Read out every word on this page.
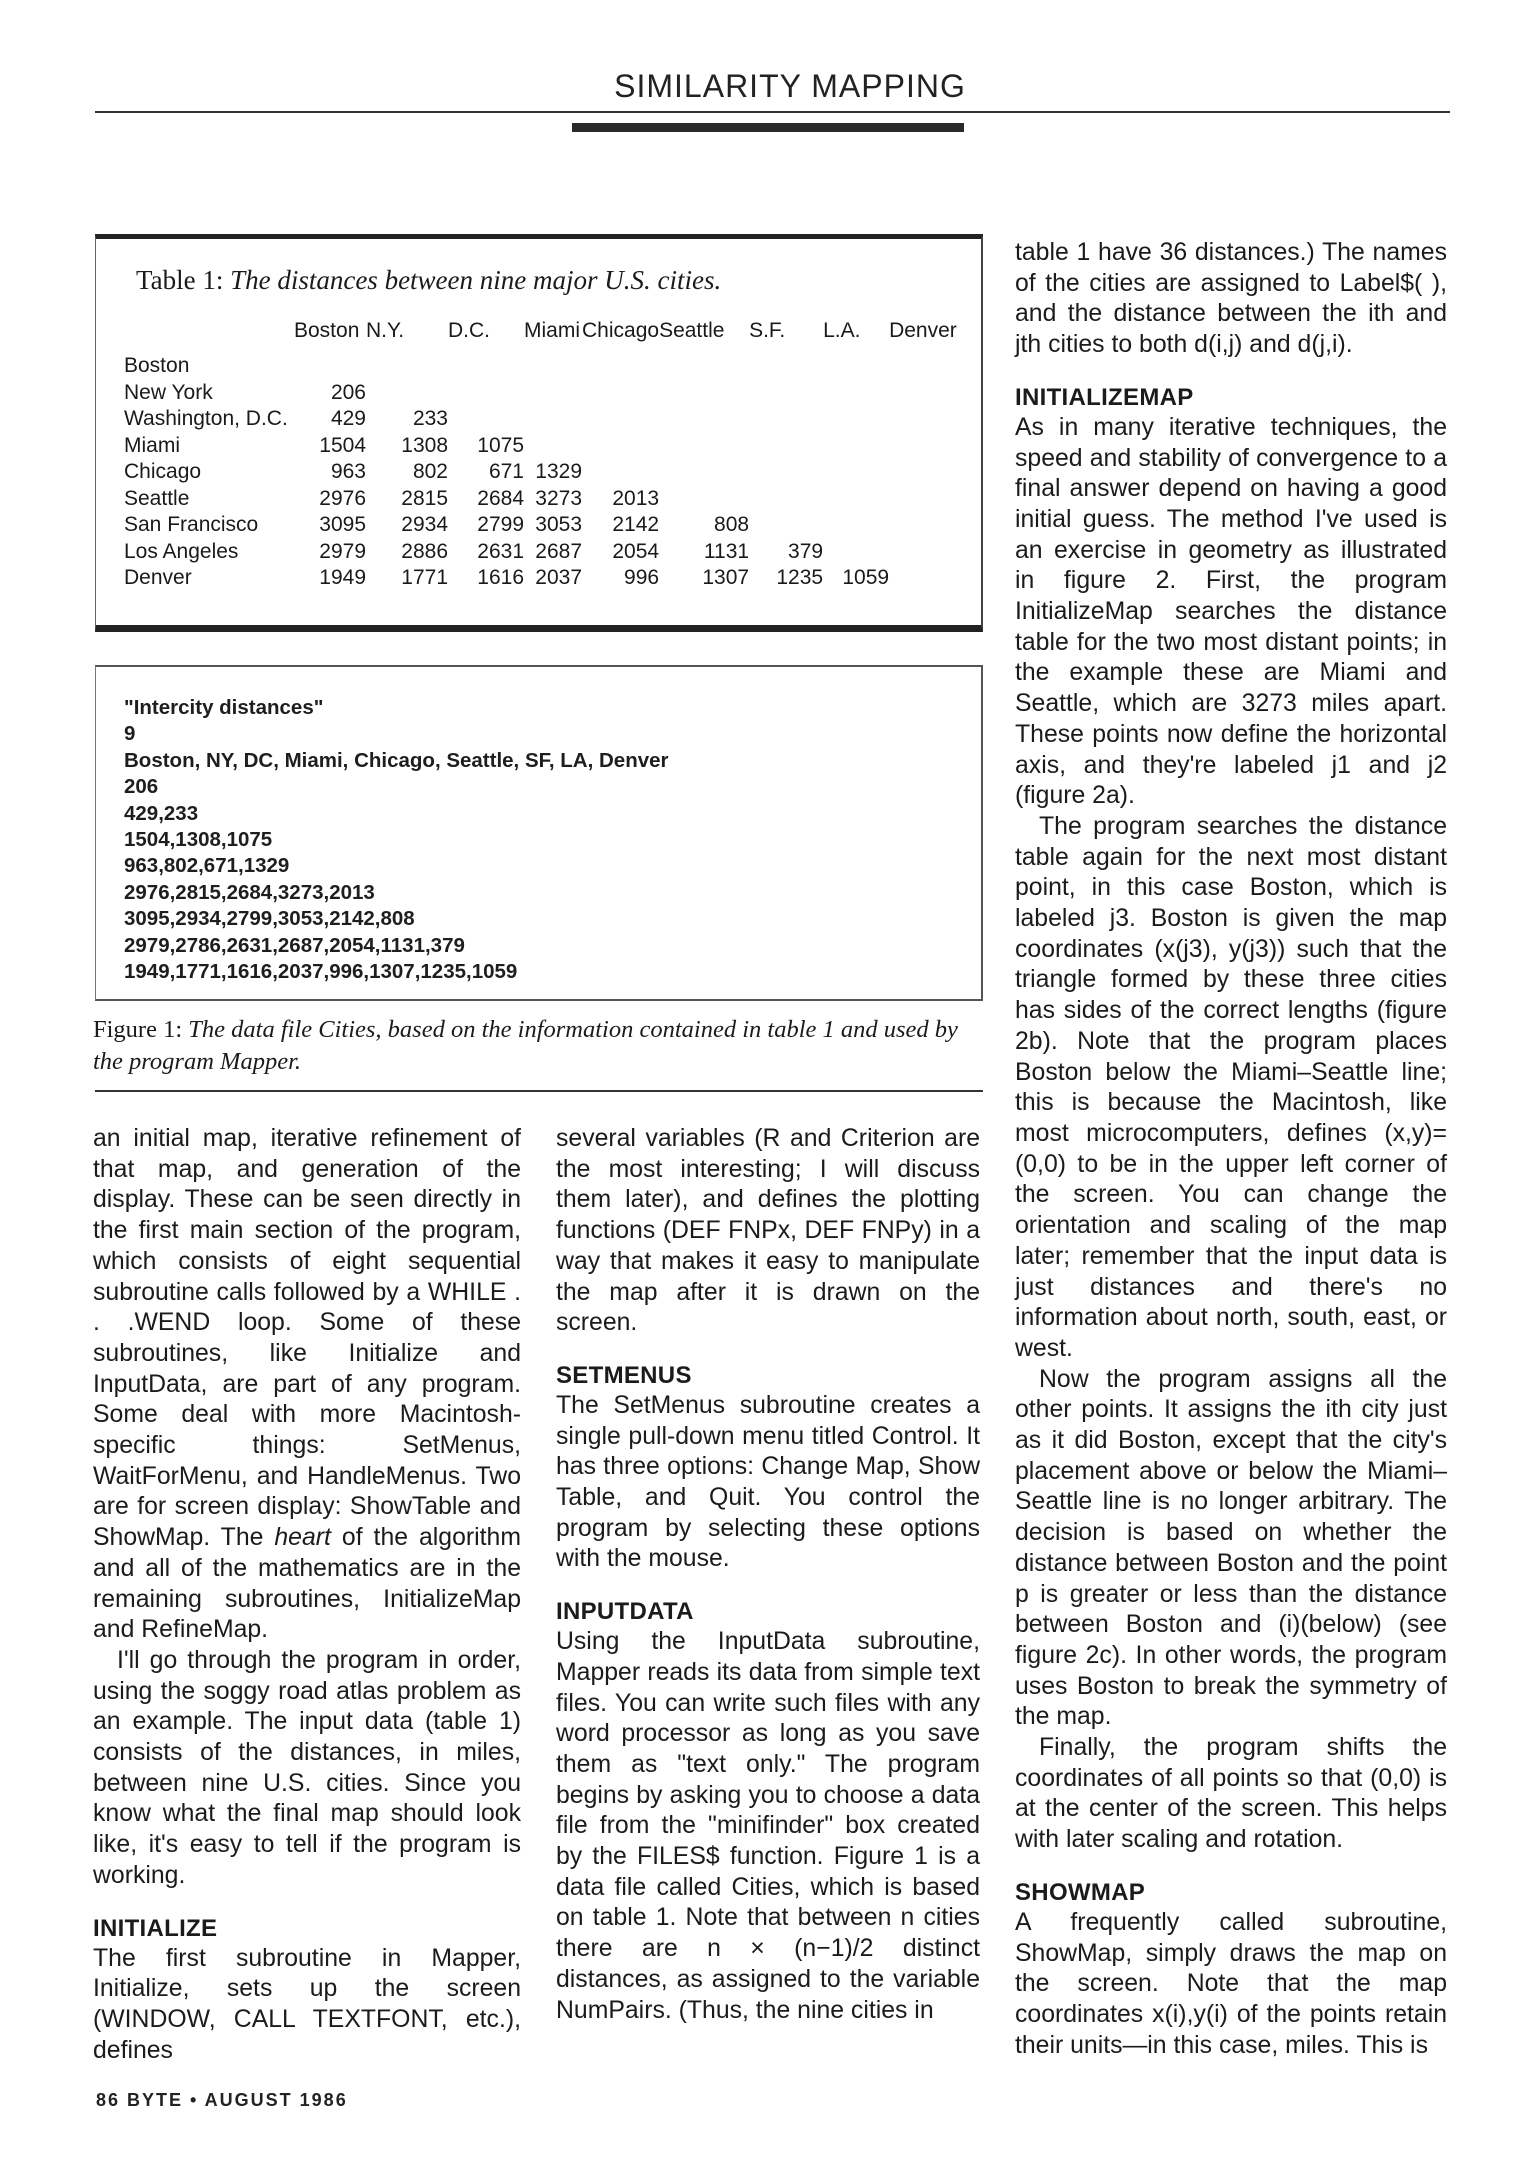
SIMILARITY MAPPING
Table 1: The distances between nine major U.S. cities.
	Boston	N.Y.	D.C.	Miami	Chicago	Seattle	S.F.	L.A.	Denver
Boston									
New York	206								
Washington, D.C.	429	233							
Miami	1504	1308	1075						
Chicago	963	802	671	1329					
Seattle	2976	2815	2684	3273	2013				
San Francisco	3095	2934	2799	3053	2142	808			
Los Angeles	2979	2886	2631	2687	2054	1131	379		
Denver	1949	1771	1616	2037	996	1307	1235	1059	
"Intercity distances"
9
Boston, NY, DC, Miami, Chicago, Seattle, SF, LA, Denver
206
429,233
1504,1308,1075
963,802,671,1329
2976,2815,2684,3273,2013
3095,2934,2799,3053,2142,808
2979,2786,2631,2687,2054,1131,379
1949,1771,1616,2037,996,1307,1235,1059
Figure 1: The data file Cities, based on the information contained in table 1 and used by the program Mapper.

an initial map, iterative refinement of that map, and generation of the display. These can be seen directly in the first main section of the program, which consists of eight sequential subroutine calls followed by a WHILE . . .WEND loop. Some of these subroutines, like Initialize and InputData, are part of any program. Some deal with more Macintosh-specific things: SetMenus, WaitForMenu, and HandleMenus. Two are for screen display: ShowTable and ShowMap. The heart of the algorithm and all of the mathematics are in the remaining subroutines, InitializeMap and RefineMap.

I'll go through the program in order, using the soggy road atlas problem as an example. The input data (table 1) consists of the distances, in miles, between nine U.S. cities. Since you know what the final map should look like, it's easy to tell if the program is working.

INITIALIZE

The first subroutine in Mapper, Initialize, sets up the screen (WINDOW, CALL TEXTFONT, etc.), defines

several variables (R and Criterion are the most interesting; I will discuss them later), and defines the plotting functions (DEF FNPx, DEF FNPy) in a way that makes it easy to manipulate the map after it is drawn on the screen.

SETMENUS

The SetMenus subroutine creates a single pull-down menu titled Control. It has three options: Change Map, Show Table, and Quit. You control the program by selecting these options with the mouse.

INPUTDATA

Using the InputData subroutine, Mapper reads its data from simple text files. You can write such files with any word processor as long as you save them as "text only." The program begins by asking you to choose a data file from the "minifinder" box created by the FILES$ function. Figure 1 is a data file called Cities, which is based on table 1. Note that between n cities there are n × (n−1)/2 distinct distances, as assigned to the variable NumPairs. (Thus, the nine cities in

table 1 have 36 distances.) The names of the cities are assigned to Label$( ), and the distance between the ith and jth cities to both d(i,j) and d(j,i).

INITIALIZEMAP

As in many iterative techniques, the speed and stability of convergence to a final answer depend on having a good initial guess. The method I've used is an exercise in geometry as illustrated in figure 2. First, the program InitializeMap searches the distance table for the two most distant points; in the example these are Miami and Seattle, which are 3273 miles apart. These points now define the horizontal axis, and they're labeled j1 and j2 (figure 2a).

The program searches the distance table again for the next most distant point, in this case Boston, which is labeled j3. Boston is given the map coordinates (x(j3), y(j3)) such that the triangle formed by these three cities has sides of the correct lengths (figure 2b). Note that the program places Boston below the Miami–Seattle line; this is because the Macintosh, like most microcomputers, defines (x,y)=(0,0) to be in the upper left corner of the screen. You can change the orientation and scaling of the map later; remember that the input data is just distances and there's no information about north, south, east, or west.

Now the program assigns all the other points. It assigns the ith city just as it did Boston, except that the city's placement above or below the Miami–Seattle line is no longer arbitrary. The decision is based on whether the distance between Boston and the point p is greater or less than the distance between Boston and (i)(below) (see figure 2c). In other words, the program uses Boston to break the symmetry of the map.

Finally, the program shifts the coordinates of all points so that (0,0) is at the center of the screen. This helps with later scaling and rotation.

SHOWMAP

A frequently called subroutine, ShowMap, simply draws the map on the screen. Note that the map coordinates x(i),y(i) of the points retain their units—in this case, miles. This is

86 BYTE • AUGUST 1986
